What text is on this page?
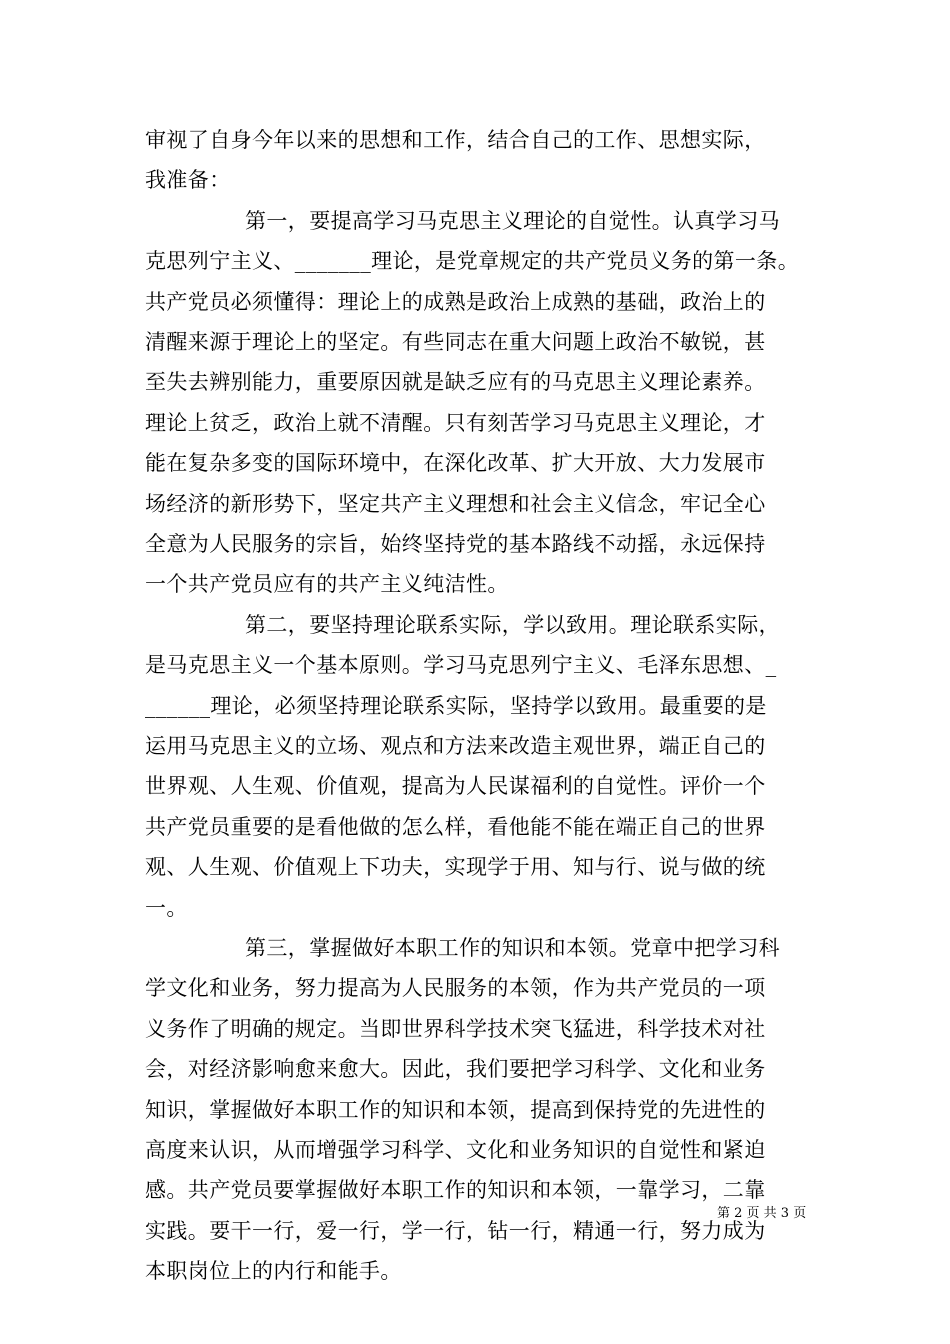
审视了自身今年以来的思想和工作，结合自己的工作、思想实际，
我准备：
第一，要提高学习马克思主义理论的自觉性。认真学习马
克思列宁主义、_______理论，是党章规定的共产党员义务的第一条。
共产党员必须懂得：理论上的成熟是政治上成熟的基础，政治上的
清醒来源于理论上的坚定。有些同志在重大问题上政治不敏锐，甚
至失去辨别能力，重要原因就是缺乏应有的马克思主义理论素养。
理论上贫乏，政治上就不清醒。只有刻苦学习马克思主义理论，才
能在复杂多变的国际环境中，在深化改革、扩大开放、大力发展市
场经济的新形势下，坚定共产主义理想和社会主义信念，牢记全心
全意为人民服务的宗旨，始终坚持党的基本路线不动摇，永远保持
一个共产党员应有的共产主义纯洁性。
第二，要坚持理论联系实际，学以致用。理论联系实际，
是马克思主义一个基本原则。学习马克思列宁主义、毛泽东思想、_
______理论，必须坚持理论联系实际，坚持学以致用。最重要的是
运用马克思主义的立场、观点和方法来改造主观世界，端正自己的
世界观、人生观、价值观，提高为人民谋福利的自觉性。评价一个
共产党员重要的是看他做的怎么样，看他能不能在端正自己的世界
观、人生观、价值观上下功夫，实现学于用、知与行、说与做的统
一。
第三，掌握做好本职工作的知识和本领。党章中把学习科
学文化和业务，努力提高为人民服务的本领，作为共产党员的一项
义务作了明确的规定。当即世界科学技术突飞猛进，科学技术对社
会，对经济影响愈来愈大。因此，我们要把学习科学、文化和业务
知识，掌握做好本职工作的知识和本领，提高到保持党的先进性的
高度来认识，从而增强学习科学、文化和业务知识的自觉性和紧迫
感。共产党员要掌握做好本职工作的知识和本领，一靠学习，二靠
实践。要干一行，爱一行，学一行，钻一行，精通一行，努力成为
本职岗位上的内行和能手。
第 2 页 共 3 页
